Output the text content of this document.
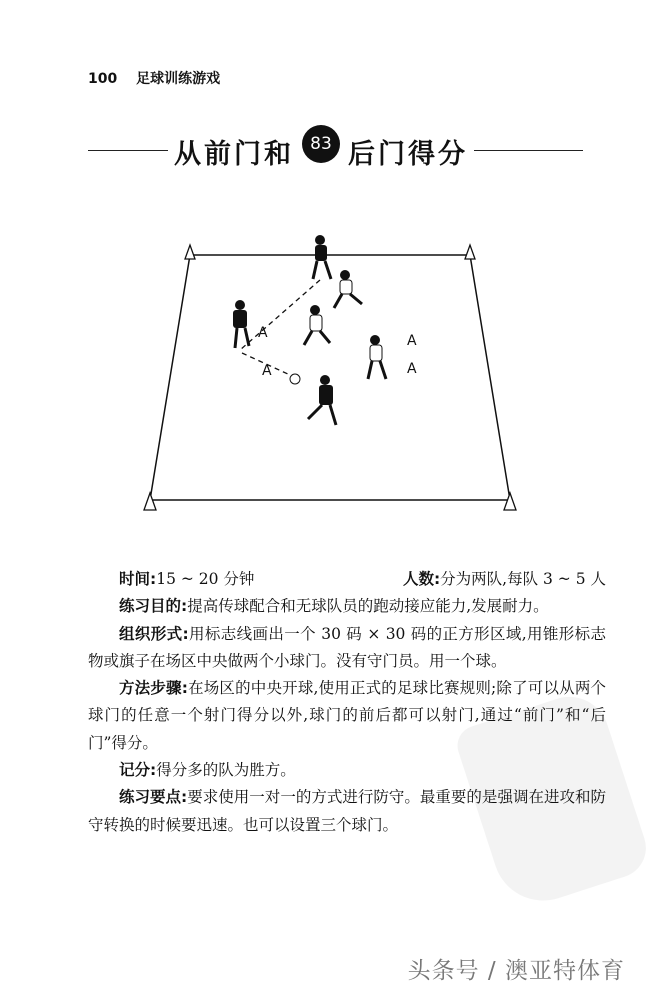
100 足球训练游戏
从前门和 83 后门得分
A
A
A
A
时间:15 ~ 20 分钟	人数:分为两队,每队 3 ~ 5 人

练习目的:提高传球配合和无球队员的跑动接应能力,发展耐力。

组织形式:用标志线画出一个 30 码 × 30 码的正方形区域,用锥形标志物或旗子在场区中央做两个小球门。没有守门员。用一个球。

方法步骤:在场区的中央开球,使用正式的足球比赛规则;除了可以从两个球门的任意一个射门得分以外,球门的前后都可以射门,通过“前门”和“后门”得分。

记分:得分多的队为胜方。

练习要点:要求使用一对一的方式进行防守。最重要的是强调在进攻和防守转换的时候要迅速。也可以设置三个球门。

头条号 / 澳亚特体育
